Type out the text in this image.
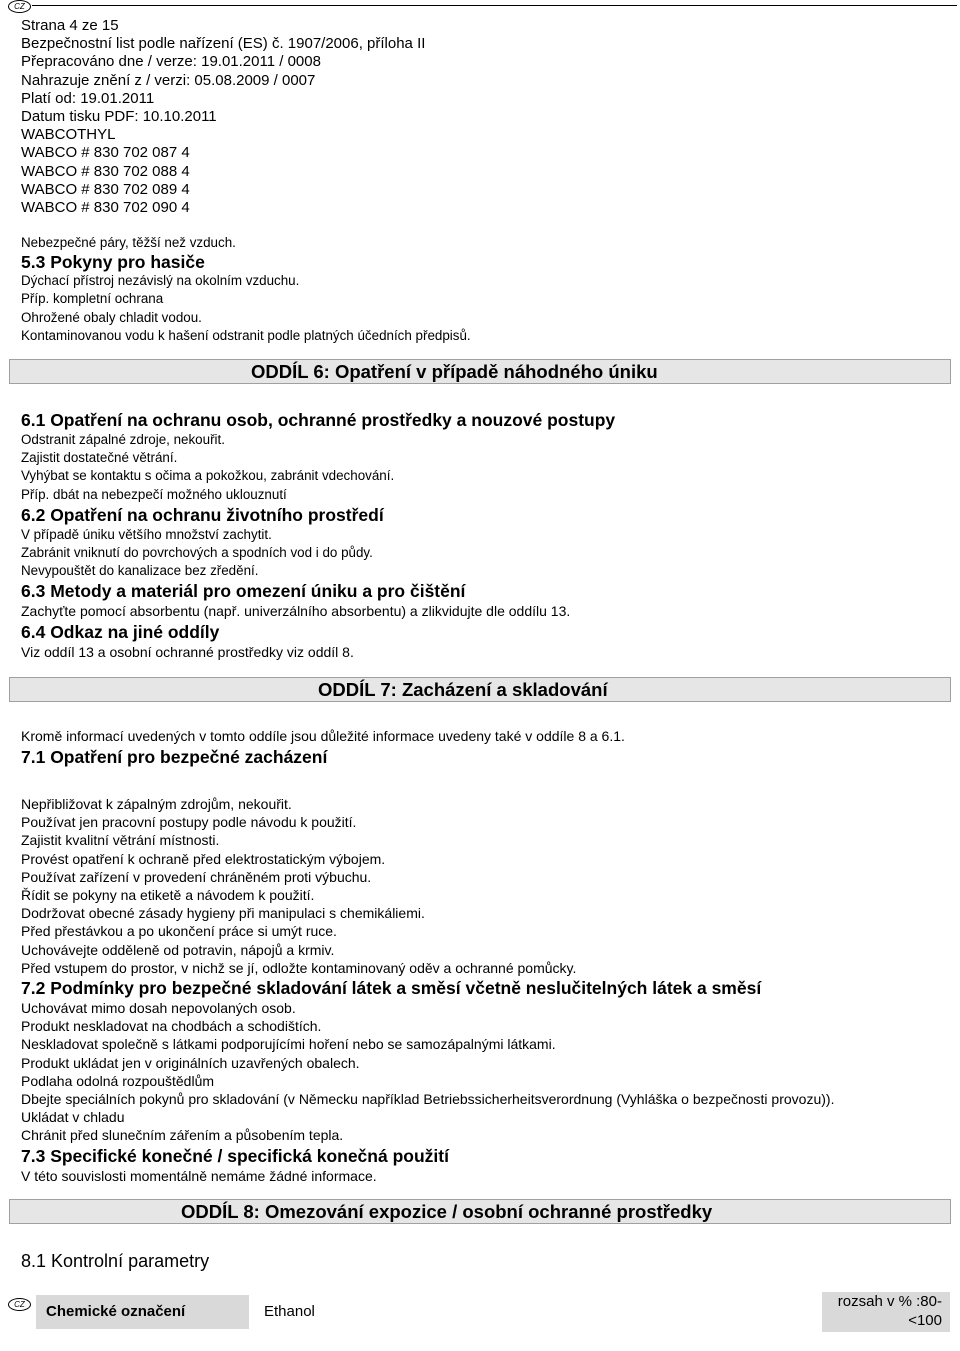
CZ
Strana 4 ze 15
Bezpečnostní list podle nařízení (ES) č. 1907/2006, příloha II
Přepracováno dne / verze: 19.01.2011 / 0008
Nahrazuje znění z / verzi: 05.08.2009 / 0007
Platí od: 19.01.2011
Datum tisku PDF: 10.10.2011
WABCOTHYL
WABCO # 830 702 087 4
WABCO # 830 702 088 4
WABCO # 830 702 089 4
WABCO # 830 702 090 4
Nebezpečné páry, těžší než vzduch.
5.3 Pokyny pro hasiče
Dýchací přístroj nezávislý na okolním vzduchu.
Příp. kompletní ochrana
Ohrožené obaly chladit vodou.
Kontaminovanou vodu k hašení odstranit podle platných účedních předpisů.
ODDÍL 6: Opatření v případě náhodného úniku
6.1 Opatření na ochranu osob, ochranné prostředky a nouzové postupy
Odstranit zápalné zdroje, nekouřit.
Zajistit dostatečné větrání.
Vyhýbat se kontaktu s očima a pokožkou, zabránit vdechování.
Příp. dbát na nebezpečí možného uklouznutí
6.2 Opatření na ochranu životního prostředí
V případě úniku většího množství zachytit.
Zabránit vniknutí do povrchových a spodních vod i do půdy.
Nevypouštět do kanalizace bez zředění.
6.3 Metody a materiál pro omezení úniku a pro čištění
Zachyťte pomocí absorbentu (např. univerzálního absorbentu) a zlikvidujte dle oddílu 13.
6.4 Odkaz na jiné oddíly
Viz oddíl 13 a osobní ochranné prostředky viz oddíl 8.
ODDÍL 7: Zacházení a skladování
Kromě informací uvedených v tomto oddíle jsou důležité informace uvedeny také v oddíle 8 a 6.1.
7.1 Opatření pro bezpečné zacházení
Nepřibližovat k zápalným zdrojům, nekouřit.
Používat jen pracovní postupy podle návodu k použití.
Zajistit kvalitní větrání místnosti.
Provést opatření k ochraně před elektrostatickým výbojem.
Používat zařízení v provedení chráněném proti výbuchu.
Řídit se pokyny na etiketě a návodem k použití.
Dodržovat obecné zásady hygieny při manipulaci s chemikáliemi.
Před přestávkou a po ukončení práce si umýt ruce.
Uchovávejte odděleně od potravin, nápojů a krmiv.
Před vstupem do prostor, v nichž se jí, odložte kontaminovaný oděv a ochranné pomůcky.
7.2 Podmínky pro bezpečné skladování látek a směsí včetně neslučitelných látek a směsí
Uchovávat mimo dosah nepovolaných osob.
Produkt neskladovat na chodbách a schodištích.
Neskladovat společně s látkami podporujícími hoření nebo se samozápalnými látkami.
Produkt ukládat jen v originálních uzavřených obalech.
Podlaha odolná rozpouštědlům
Dbejte speciálních pokynů pro skladování (v Německu například Betriebssicherheitsverordnung (Vyhláška o bezpečnosti provozu)).
Ukládat v chladu
Chránit před slunečním zářením a působením tepla.
7.3 Specifické konečné / specifická konečná použití
V této souvislosti momentálně nemáme žádné informace.
ODDÍL 8: Omezování expozice / osobní ochranné prostředky
8.1 Kontrolní parametry
CZ	Chemické označení	Ethanol
rozsah v % :80-
<100
